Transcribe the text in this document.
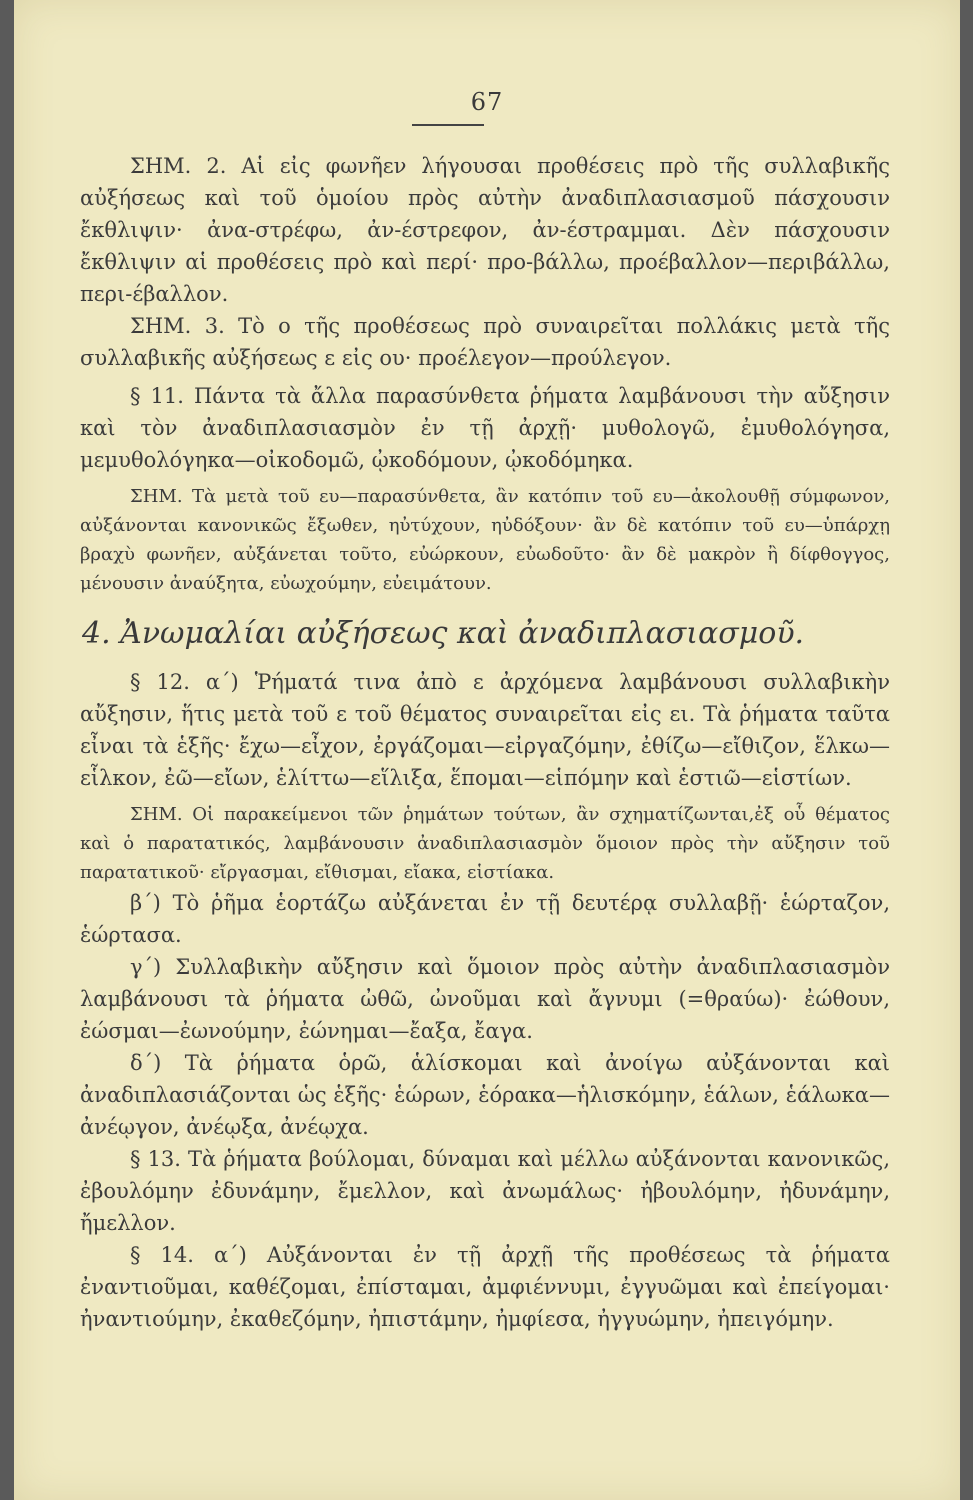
67

ΣΗΜ. 2. Αἱ εἰς φωνῆεν λήγουσαι προθέσεις πρὸ τῆς συλλαβικῆς αὐξήσεως καὶ τοῦ ὁμοίου πρὸς αὐτὴν ἀναδιπλασιασμοῦ πάσχουσιν ἔκθλιψιν· ἀνα-στρέφω, ἀν-έστρεφον, ἀν-έστραμμαι. Δὲν πάσχουσιν ἔκθλιψιν αἱ προθέσεις πρὸ καὶ περί· προ-βάλλω, προέβαλλον—περιβάλλω, περι-έβαλλον.

ΣΗΜ. 3. Τὸ ο τῆς προθέσεως πρὸ συναιρεῖται πολλάκις μετὰ τῆς συλλαβικῆς αὐξήσεως ε εἰς ου· προέλεγον—προύλεγον.

§ 11. Πάντα τὰ ἄλλα παρασύνθετα ῥήματα λαμβάνουσι τὴν αὔξησιν καὶ τὸν ἀναδιπλασιασμὸν ἐν τῇ ἀρχῇ· μυθολογῶ, ἐμυθολόγησα, μεμυθολόγηκα—οἰκοδομῶ, ᾠκοδόμουν, ᾠκοδόμηκα.

ΣΗΜ. Τὰ μετὰ τοῦ ευ—παρασύνθετα, ἂν κατόπιν τοῦ ευ—ἀκολουθῇ σύμφωνον, αὐξάνονται κανονικῶς ἔξωθεν, ηὐτύχουν, ηὐδόξουν· ἂν δὲ κατόπιν τοῦ ευ—ὑπάρχῃ βραχὺ φωνῆεν, αὐξάνεται τοῦτο, εὐώρκουν, εὐωδοῦτο· ἂν δὲ μακρὸν ἢ δίφθογγος, μένουσιν ἀναύξητα, εὐωχούμην, εὐειμάτουν.

4. Ἀνωμαλίαι αὐξήσεως καὶ ἀναδιπλασιασμοῦ.

§ 12. α΄) Ῥήματά τινα ἀπὸ ε ἀρχόμενα λαμβάνουσι συλλαβικὴν αὔξησιν, ἥτις μετὰ τοῦ ε τοῦ θέματος συναιρεῖται εἰς ει. Τὰ ῥήματα ταῦτα εἶναι τὰ ἑξῆς· ἔχω—εἶχον, ἐργάζομαι—εἰργαζόμην, ἐθίζω—εἴθιζον, ἕλκω—εἷλκον, ἐῶ—εἴων, ἑλίττω—εἵλιξα, ἕπομαι—εἱπόμην καὶ ἑστιῶ—εἱστίων.

ΣΗΜ. Οἱ παρακείμενοι τῶν ῥημάτων τούτων, ἂν σχηματίζωνται,ἐξ οὗ θέματος καὶ ὁ παρατατικός, λαμβάνουσιν ἀναδιπλασιασμὸν ὅμοιον πρὸς τὴν αὔξησιν τοῦ παρατατικοῦ· εἴργασμαι, εἴθισμαι, εἴακα, εἱστίακα.

β΄) Τὸ ῥῆμα ἑορτάζω αὐξάνεται ἐν τῇ δευτέρᾳ συλλαβῇ· ἑώρταζον, ἑώρτασα.

γ΄) Συλλαβικὴν αὔξησιν καὶ ὅμοιον πρὸς αὐτὴν ἀναδιπλασιασμὸν λαμβάνουσι τὰ ῥήματα ὠθῶ, ὠνοῦμαι καὶ ἄγνυμι (=θραύω)· ἐώθουν, ἐώσμαι—ἐωνούμην, ἐώνημαι—ἔαξα, ἔαγα.

δ΄) Τὰ ῥήματα ὁρῶ, ἁλίσκομαι καὶ ἀνοίγω αὐξάνονται καὶ ἀναδιπλασιάζονται ὡς ἑξῆς· ἑώρων, ἑόρακα—ἡλισκόμην, ἑάλων, ἑάλωκα—ἀνέῳγον, ἀνέῳξα, ἀνέῳχα.

§ 13. Τὰ ῥήματα βούλομαι, δύναμαι καὶ μέλλω αὐξάνονται κανονικῶς, ἐβουλόμην ἐδυνάμην, ἔμελλον, καὶ ἀνωμάλως· ἠβουλόμην, ἠδυνάμην, ἤμελλον.

§ 14. α΄) Αὐξάνονται ἐν τῇ ἀρχῇ τῆς προθέσεως τὰ ῥήματα ἐναντιοῦμαι, καθέζομαι, ἐπίσταμαι, ἀμφιέννυμι, ἐγγυῶμαι καὶ ἐπείγομαι· ἠναντιούμην, ἐκαθεζόμην, ἠπιστάμην, ἠμφίεσα, ἠγγυώμην, ἠπειγόμην.
